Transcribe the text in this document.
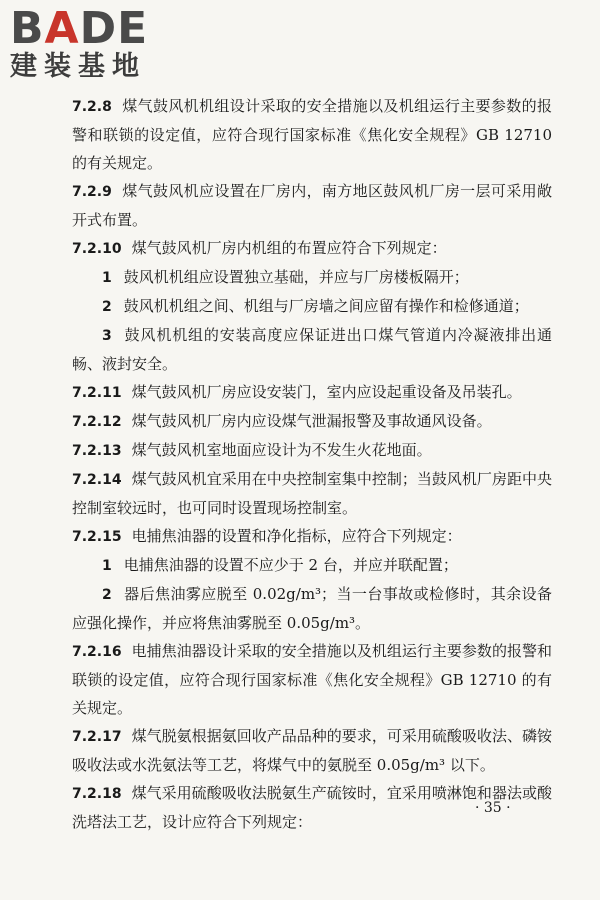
BADE
建装基地

7.2.8 煤气鼓风机机组设计采取的安全措施以及机组运行主要参数的报警和联锁的设定值，应符合现行国家标准《焦化安全规程》GB 12710 的有关规定。

7.2.9 煤气鼓风机应设置在厂房内，南方地区鼓风机厂房一层可采用敞开式布置。

7.2.10 煤气鼓风机厂房内机组的布置应符合下列规定：

1 鼓风机机组应设置独立基础，并应与厂房楼板隔开；

2 鼓风机机组之间、机组与厂房墙之间应留有操作和检修通道；

3 鼓风机机组的安装高度应保证进出口煤气管道内冷凝液排出通畅、液封安全。

7.2.11 煤气鼓风机厂房应设安装门，室内应设起重设备及吊装孔。

7.2.12 煤气鼓风机厂房内应设煤气泄漏报警及事故通风设备。

7.2.13 煤气鼓风机室地面应设计为不发生火花地面。

7.2.14 煤气鼓风机宜采用在中央控制室集中控制；当鼓风机厂房距中央控制室较远时，也可同时设置现场控制室。

7.2.15 电捕焦油器的设置和净化指标，应符合下列规定：

1 电捕焦油器的设置不应少于 2 台，并应并联配置；

2 器后焦油雾应脱至 0.02g/m³；当一台事故或检修时，其余设备应强化操作，并应将焦油雾脱至 0.05g/m³。

7.2.16 电捕焦油器设计采取的安全措施以及机组运行主要参数的报警和联锁的设定值，应符合现行国家标准《焦化安全规程》GB 12710 的有关规定。

7.2.17 煤气脱氨根据氨回收产品品种的要求，可采用硫酸吸收法、磷铵吸收法或水洗氨法等工艺，将煤气中的氨脱至 0.05g/m³ 以下。

7.2.18 煤气采用硫酸吸收法脱氨生产硫铵时，宜采用喷淋饱和器法或酸洗塔法工艺，设计应符合下列规定：

· 35 ·
